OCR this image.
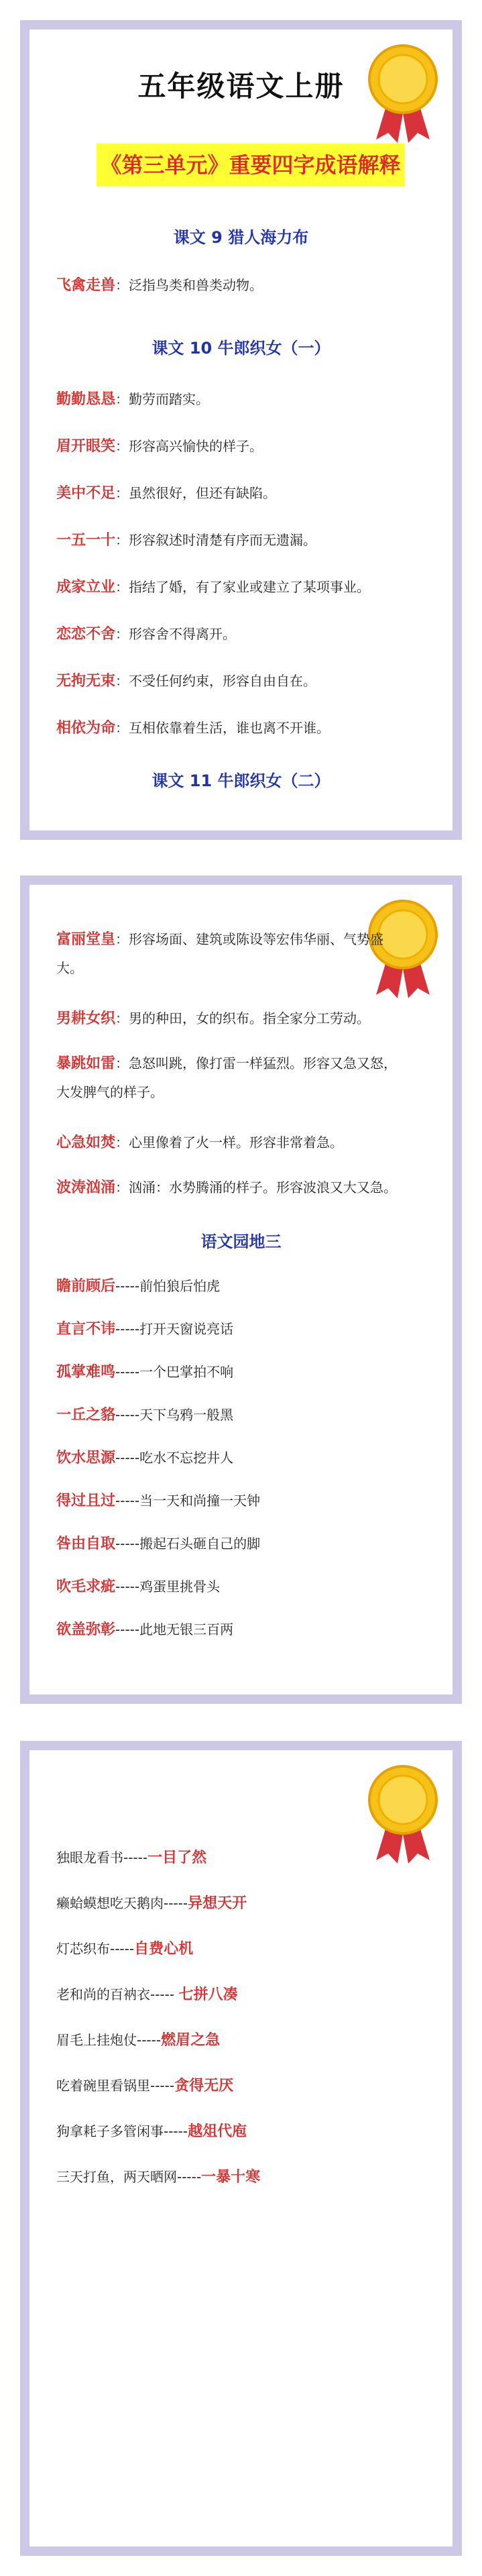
五年级语文上册
《第三单元》重要四字成语解释
课文 9 猎人海力布
飞禽走兽：泛指鸟类和兽类动物。
课文 10 牛郎织女（一）
勤勤恳恳：勤劳而踏实。
眉开眼笑：形容高兴愉快的样子。
美中不足：虽然很好，但还有缺陷。
一五一十：形容叙述时清楚有序而无遗漏。
成家立业：指结了婚，有了家业或建立了某项事业。
恋恋不舍：形容舍不得离开。
无拘无束：不受任何约束，形容自由自在。
相依为命：互相依靠着生活，谁也离不开谁。
课文 11 牛郎织女（二）
富丽堂皇：形容场面、建筑或陈设等宏伟华丽、气势盛
大。
男耕女织：男的种田，女的织布。指全家分工劳动。
暴跳如雷：急怒叫跳，像打雷一样猛烈。形容又急又怒，
大发脾气的样子。
心急如焚：心里像着了火一样。形容非常着急。
波涛汹涌：汹涌：水势腾涌的样子。形容波浪又大又急。
语文园地三
瞻前顾后-----前怕狼后怕虎
直言不讳-----打开天窗说亮话
孤掌难鸣-----一个巴掌拍不响
一丘之貉-----天下乌鸦一般黑
饮水思源-----吃水不忘挖井人
得过且过-----当一天和尚撞一天钟
咎由自取-----搬起石头砸自己的脚
吹毛求疵-----鸡蛋里挑骨头
欲盖弥彰-----此地无银三百两
独眼龙看书-----一目了然
癞蛤蟆想吃天鹅肉-----异想天开
灯芯织布-----自费心机
老和尚的百衲衣----- 七拼八凑
眉毛上挂炮仗-----燃眉之急
吃着碗里看锅里-----贪得无厌
狗拿耗子多管闲事-----越俎代庖
三天打鱼，两天晒网-----一暴十寒
